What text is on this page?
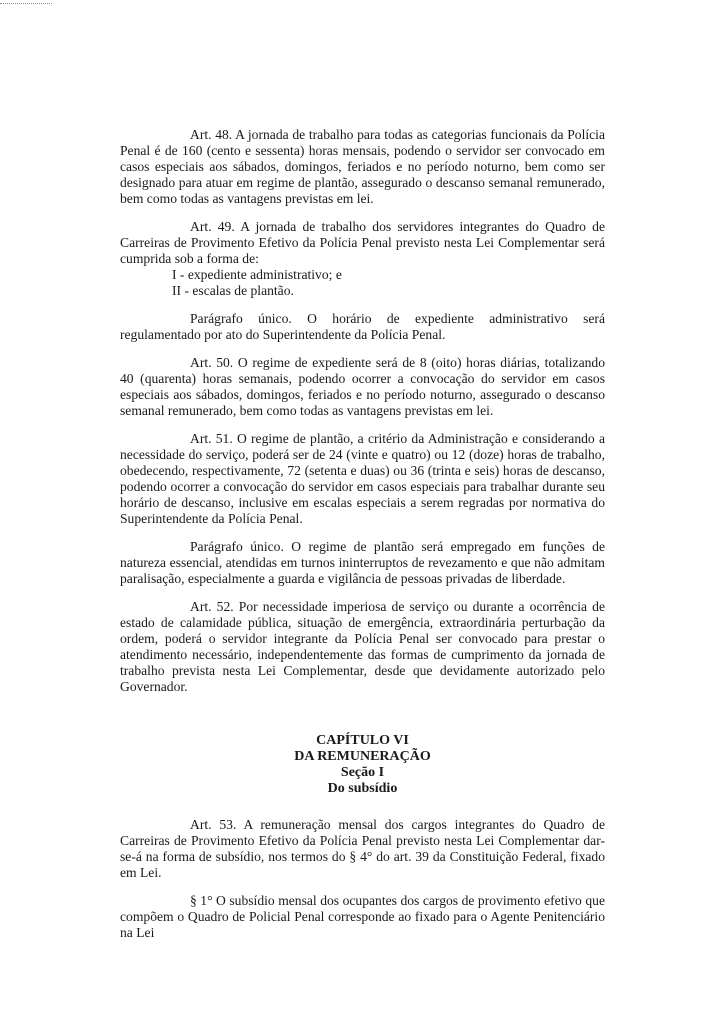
Art. 48. A jornada de trabalho para todas as categorias funcionais da Polícia Penal é de 160 (cento e sessenta) horas mensais, podendo o servidor ser convocado em casos especiais aos sábados, domingos, feriados e no período noturno, bem como ser designado para atuar em regime de plantão, assegurado o descanso semanal remunerado, bem como todas as vantagens previstas em lei.

Art. 49. A jornada de trabalho dos servidores integrantes do Quadro de Carreiras de Provimento Efetivo da Polícia Penal previsto nesta Lei Complementar será cumprida sob a forma de:

I - expediente administrativo; e

II - escalas de plantão.

Parágrafo único. O horário de expediente administrativo será regulamentado por ato do Superintendente da Polícia Penal.

Art. 50. O regime de expediente será de 8 (oito) horas diárias, totalizando 40 (quarenta) horas semanais, podendo ocorrer a convocação do servidor em casos especiais aos sábados, domingos, feriados e no período noturno, assegurado o descanso semanal remunerado, bem como todas as vantagens previstas em lei.

Art. 51. O regime de plantão, a critério da Administração e considerando a necessidade do serviço, poderá ser de 24 (vinte e quatro) ou 12 (doze) horas de trabalho, obedecendo, respectivamente, 72 (setenta e duas) ou 36 (trinta e seis) horas de descanso, podendo ocorrer a convocação do servidor em casos especiais para trabalhar durante seu horário de descanso, inclusive em escalas especiais a serem regradas por normativa do Superintendente da Polícia Penal.

Parágrafo único. O regime de plantão será empregado em funções de natureza essencial, atendidas em turnos ininterruptos de revezamento e que não admitam paralisação, especialmente a guarda e vigilância de pessoas privadas de liberdade.

Art. 52. Por necessidade imperiosa de serviço ou durante a ocorrência de estado de calamidade pública, situação de emergência, extraordinária perturbação da ordem, poderá o servidor integrante da Polícia Penal ser convocado para prestar o atendimento necessário, independentemente das formas de cumprimento da jornada de trabalho prevista nesta Lei Complementar, desde que devidamente autorizado pelo Governador.

CAPÍTULO VI

DA REMUNERAÇÃO

Seção I

Do subsídio

Art. 53. A remuneração mensal dos cargos integrantes do Quadro de Carreiras de Provimento Efetivo da Polícia Penal previsto nesta Lei Complementar dar-se-á na forma de subsídio, nos termos do § 4° do art. 39 da Constituição Federal, fixado em Lei.

§ 1° O subsídio mensal dos ocupantes dos cargos de provimento efetivo que compõem o Quadro de Policial Penal corresponde ao fixado para o Agente Penitenciário na Lei
